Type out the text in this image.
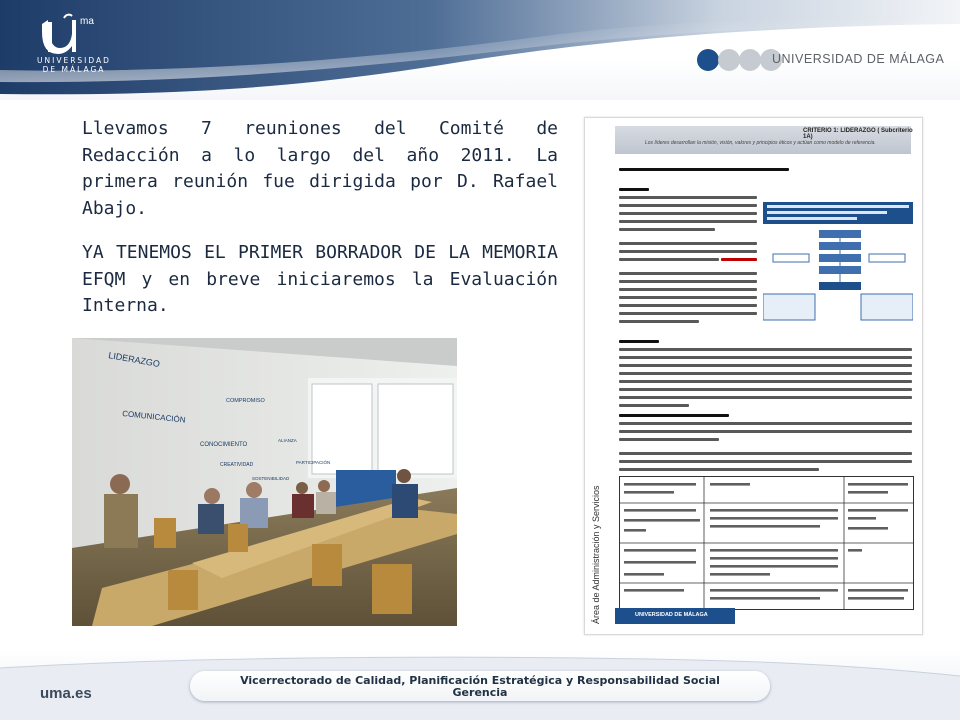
ma
UNIVERSIDAD
DE MÁLAGA
UNIVERSIDAD DE MÁLAGA

Llevamos 7 reuniones del Comité de Redacción a lo largo del año 2011. La primera reunión fue dirigida por D. Rafael Abajo.

YA TENEMOS EL PRIMER BORRADOR DE LA MEMORIA EFQM y en breve iniciaremos la Evaluación Interna.

LIDERAZGO
COMUNICACIÓN
COMPROMISO
CONOCIMIENTO
CREATIVIDAD
ALIANZA
PARTICIPACIÓN
SOSTENIBILIDAD
CRITERIO 1: LIDERAZGO ( Subcriterio 1A)
Los líderes desarrollan la misión, visión, valores y principios éticos y actúan como modelo de referencia.
Área de Administración y Servicios	UNIVERSIDAD DE MÁLAGA
uma.es
Vicerrectorado de Calidad, Planificación Estratégica y Responsabilidad Social
Gerencia
